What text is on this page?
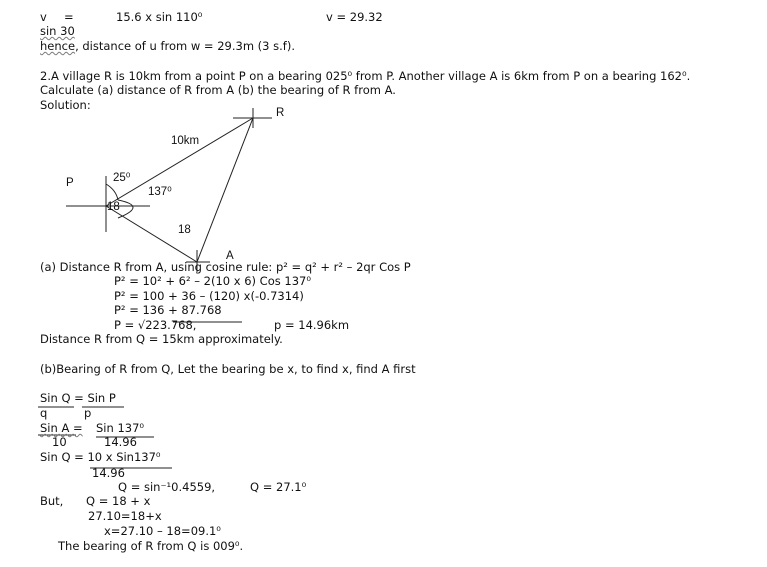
v =	15.6 x sin 110⁰	v = 29.32
sin 30
hence, distance of u from w = 29.3m (3 s.f).
2.A village R is 10km from a point P on a bearing 025⁰ from P. Another village A is 6km from P on a bearing 162⁰.
Calculate (a) distance of R from A (b) the bearing of R from A.
Solution:
R
P
A
10km
25⁰
137⁰
18
18
(a) Distance R from A, using cosine rule: p² = q² + r² – 2qr Cos P
P² = 10² + 6² – 2(10 x 6) Cos 137⁰
P² = 100 + 36 – (120) x(-0.7314)
P² = 136 + 87.768
P = √223.768,	p = 14.96km
Distance R from Q = 15km approximately.
(b)Bearing of R from Q, Let the bearing be x, to find x, find A first
Sin Q = Sin P
q	p
Sin A = Sin 137⁰
10	14.96
Sin Q = 10 x Sin137⁰
14.96
Q = sin⁻¹0.4559,	Q = 27.1⁰
But, Q = 18 + x
27.10=18+x
x=27.10 – 18=09.1⁰
The bearing of R from Q is 009⁰.
